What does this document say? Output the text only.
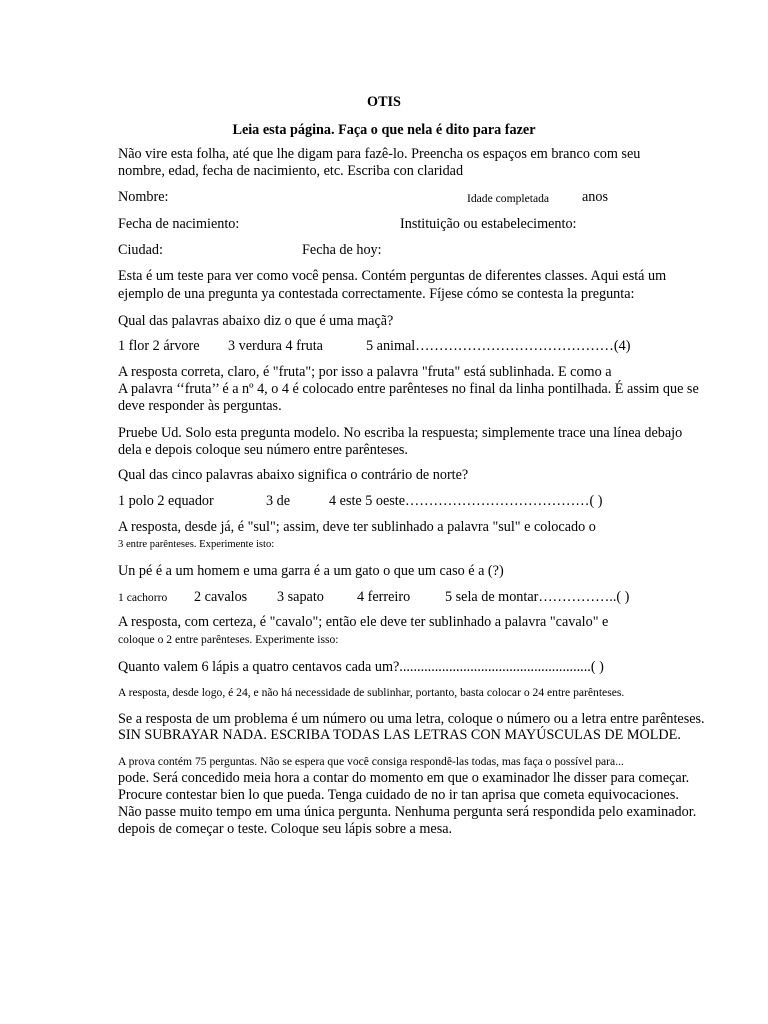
OTIS
Leia esta página. Faça o que nela é dito para fazer
Não vire esta folha, até que lhe digam para fazê-lo. Preencha os espaços em branco com seu
nombre, edad, fecha de nacimiento, etc. Escriba con claridad
Nombre:	Idade completada anos
Fecha de nacimiento:	Instituição ou estabelecimento:
Ciudad:	Fecha de hoy:
Esta é um teste para ver como você pensa. Contém perguntas de diferentes classes. Aqui está um
ejemplo de una pregunta ya contestada correctamente. Fíjese cómo se contesta la pregunta:
Qual das palavras abaixo diz o que é uma maçã?
1 flor 2 árvore 3 verdura 4 fruta	5 animal……………………………………(4)
A resposta correta, claro, é "fruta"; por isso a palavra "fruta" está sublinhada. E como a
A palavra ‘‘fruta’’ é a nº 4, o 4 é colocado entre parênteses no final da linha pontilhada. É assim que se
deve responder às perguntas.
Pruebe Ud. Solo esta pregunta modelo. No escriba la respuesta; simplemente trace una línea debajo
dela e depois coloque seu número entre parênteses.
Qual das cinco palavras abaixo significa o contrário de norte?
1 polo 2 equador	3 de	4 este 5 oeste…………………………………( )
A resposta, desde já, é "sul"; assim, deve ter sublinhado a palavra "sul" e colocado o
3 entre parênteses. Experimente isto:
Un pé é a um homem e uma garra é a um gato o que um caso é a (?)
1 cachorro 2 cavalos 3 sapato 4 ferreiro 5 sela de montar……………..( )
A resposta, com certeza, é "cavalo"; então ele deve ter sublinhado a palavra "cavalo" e
coloque o 2 entre parênteses. Experimente isso:
Quanto valem 6 lápis a quatro centavos cada um?......................................................( )
A resposta, desde logo, é 24, e não há necessidade de sublinhar, portanto, basta colocar o 24 entre parênteses.
Se a resposta de um problema é um número ou uma letra, coloque o número ou a letra entre parênteses.
SIN SUBRAYAR NADA. ESCRIBA TODAS LAS LETRAS CON MAYÚSCULAS DE MOLDE.
A prova contém 75 perguntas. Não se espera que você consiga respondê-las todas, mas faça o possível para...
pode. Será concedido meia hora a contar do momento em que o examinador lhe disser para começar.
Procure contestar bien lo que pueda. Tenga cuidado de no ir tan aprisa que cometa equivocaciones.
Não passe muito tempo em uma única pergunta. Nenhuma pergunta será respondida pelo examinador.
depois de começar o teste. Coloque seu lápis sobre a mesa.
